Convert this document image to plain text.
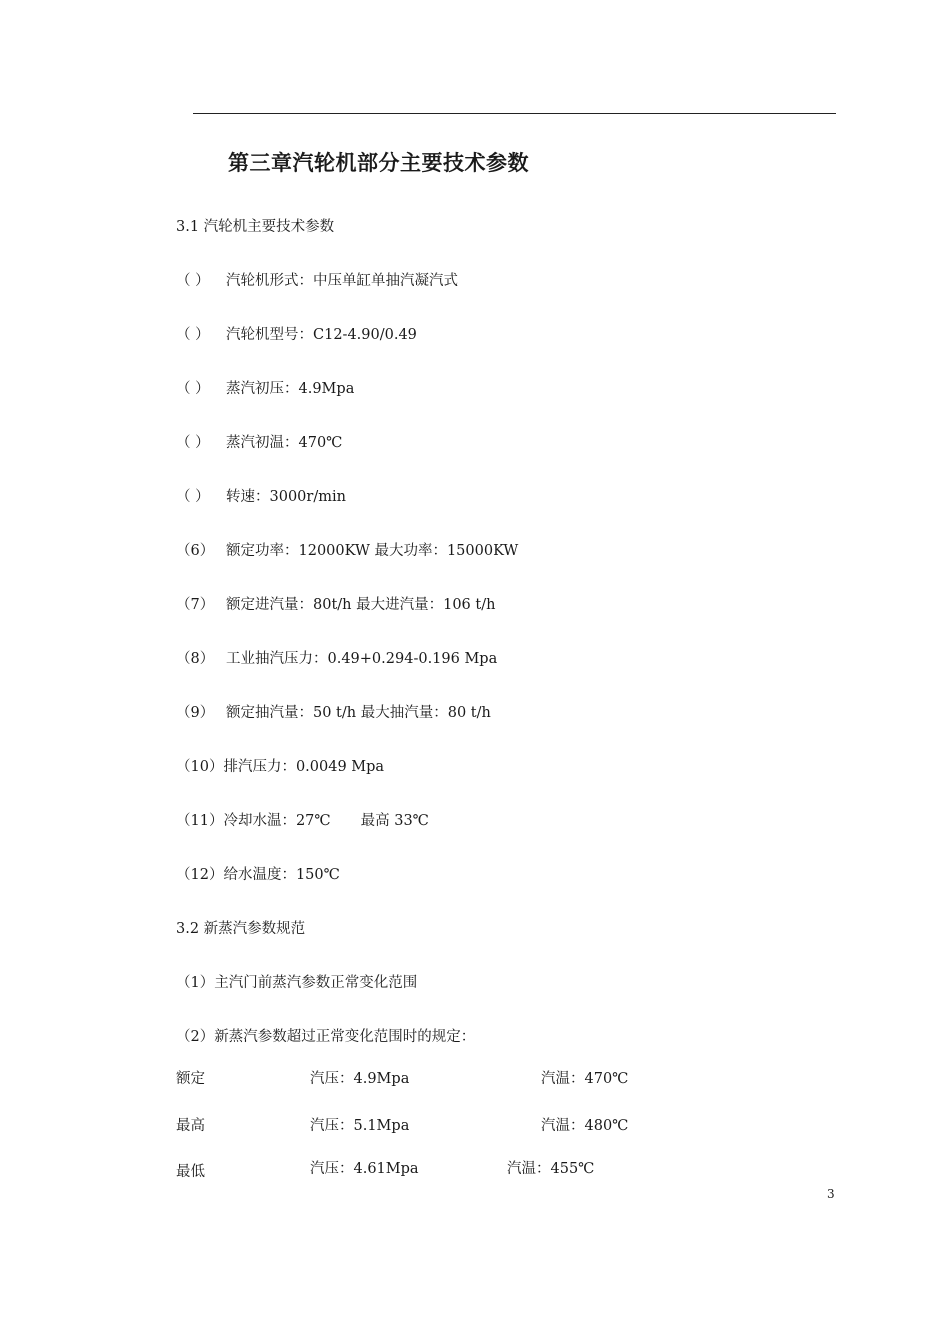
第三章汽轮机部分主要技术参数
3.1 汽轮机主要技术参数
（ ） 汽轮机形式：中压单缸单抽汽凝汽式
（ ） 汽轮机型号：C12-4.90/0.49
（ ） 蒸汽初压：4.9Mpa
（ ） 蒸汽初温：470℃
（ ） 转速：3000r/min
（6） 额定功率：12000KW 最大功率：15000KW
（7） 额定进汽量：80t/h 最大进汽量：106 t/h
（8） 工业抽汽压力：0.49+0.294-0.196 Mpa
（9） 额定抽汽量：50 t/h 最大抽汽量：80 t/h
（10）排汽压力：0.0049 Mpa
（11）冷却水温：27℃ 最高 33℃
（12）给水温度：150℃
3.2 新蒸汽参数规范
（1）主汽门前蒸汽参数正常变化范围
（2）新蒸汽参数超过正常变化范围时的规定：
额定	汽压：4.9Mpa	汽温：470℃
最高	汽压：5.1Mpa	汽温：480℃
最低	汽压：4.61Mpa	汽温：455℃
3
